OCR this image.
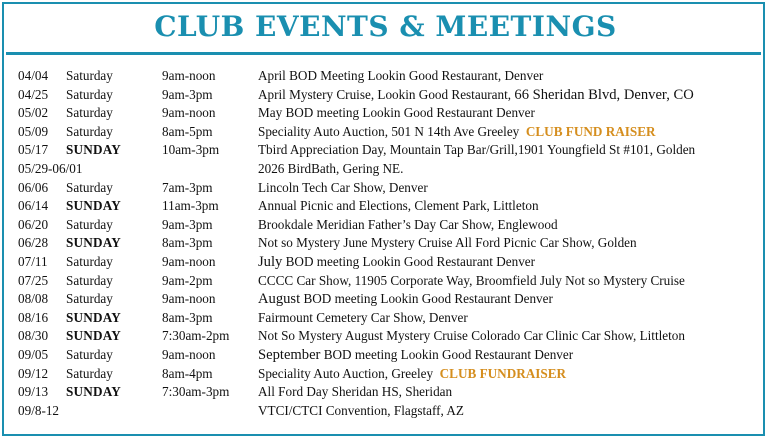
CLUB EVENTS & MEETINGS
04/04 Saturday	9am-noon	April BOD Meeting Lookin Good Restaurant, Denver
04/25 Saturday	9am-3pm	April Mystery Cruise, Lookin Good Restaurant, 66 Sheridan Blvd, Denver, CO
05/02 Saturday	9am-noon	May BOD meeting Lookin Good Restaurant Denver
05/09 Saturday	8am-5pm	Speciality Auto Auction, 501 N 14th Ave Greeley CLUB FUND RAISER
05/17 SUNDAY	10am-3pm	Tbird Appreciation Day, Mountain Tap Bar/Grill,1901 Youngfield St #101, Golden
05/29-06/01	2026 BirdBath, Gering NE.
06/06 Saturday	7am-3pm	Lincoln Tech Car Show, Denver
06/14 SUNDAY	11am-3pm	Annual Picnic and Elections, Clement Park, Littleton
06/20 Saturday	9am-3pm	Brookdale Meridian Father’s Day Car Show, Englewood
06/28 SUNDAY	8am-3pm	Not so Mystery June Mystery Cruise All Ford Picnic Car Show, Golden
07/11 Saturday	9am-noon	July BOD meeting Lookin Good Restaurant Denver
07/25 Saturday	9am-2pm	CCCC Car Show, 11905 Corporate Way, Broomfield July Not so Mystery Cruise
08/08 Saturday	9am-noon	August BOD meeting Lookin Good Restaurant Denver
08/16 SUNDAY	8am-3pm	Fairmount Cemetery Car Show, Denver
08/30 SUNDAY	7:30am-2pm Not So Mystery August Mystery Cruise Colorado Car Clinic Car Show, Littleton
09/05 Saturday	9am-noon	September BOD meeting Lookin Good Restaurant Denver
09/12 Saturday	8am-4pm	Speciality Auto Auction, Greeley CLUB FUNDRAISER
09/13 SUNDAY	7:30am-3pm All Ford Day Sheridan HS, Sheridan
09/8-12	VTCI/CTCI Convention, Flagstaff, AZ
